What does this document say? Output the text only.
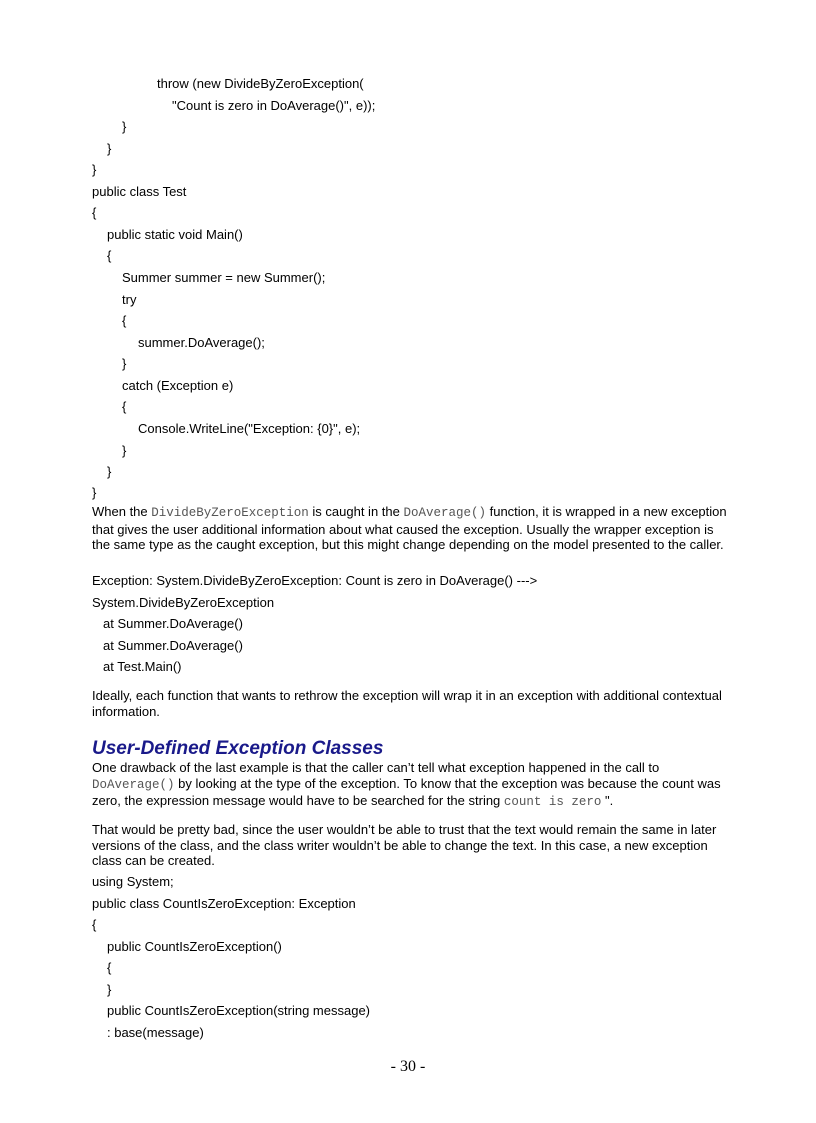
throw (new DivideByZeroException(
"Count is zero in DoAverage()", e));
}
}
}
public class Test
{
public static void Main()
{
Summer summer = new Summer();
try
{
summer.DoAverage();
}
catch (Exception e)
{
Console.WriteLine("Exception: {0}", e);
}
}
}
When the DivideByZeroException is caught in the DoAverage() function, it is wrapped in a new exception that gives the user additional information about what caused the exception. Usually the wrapper exception is the same type as the caught exception, but this might change depending on the model presented to the caller.
Exception: System.DivideByZeroException: Count is zero in DoAverage() --->
System.DivideByZeroException
at Summer.DoAverage()
at Summer.DoAverage()
at Test.Main()
Ideally, each function that wants to rethrow the exception will wrap it in an exception with additional contextual information.
User-Defined Exception Classes
One drawback of the last example is that the caller can’t tell what exception happened in the call to DoAverage() by looking at the type of the exception. To know that the exception was because the count was zero, the expression message would have to be searched for the string count is zero ".
That would be pretty bad, since the user wouldn’t be able to trust that the text would remain the same in later versions of the class, and the class writer wouldn’t be able to change the text. In this case, a new exception class can be created.
using System;
public class CountIsZeroException: Exception
{
public CountIsZeroException()
{
}
public CountIsZeroException(string message)
: base(message)
- 30 -
